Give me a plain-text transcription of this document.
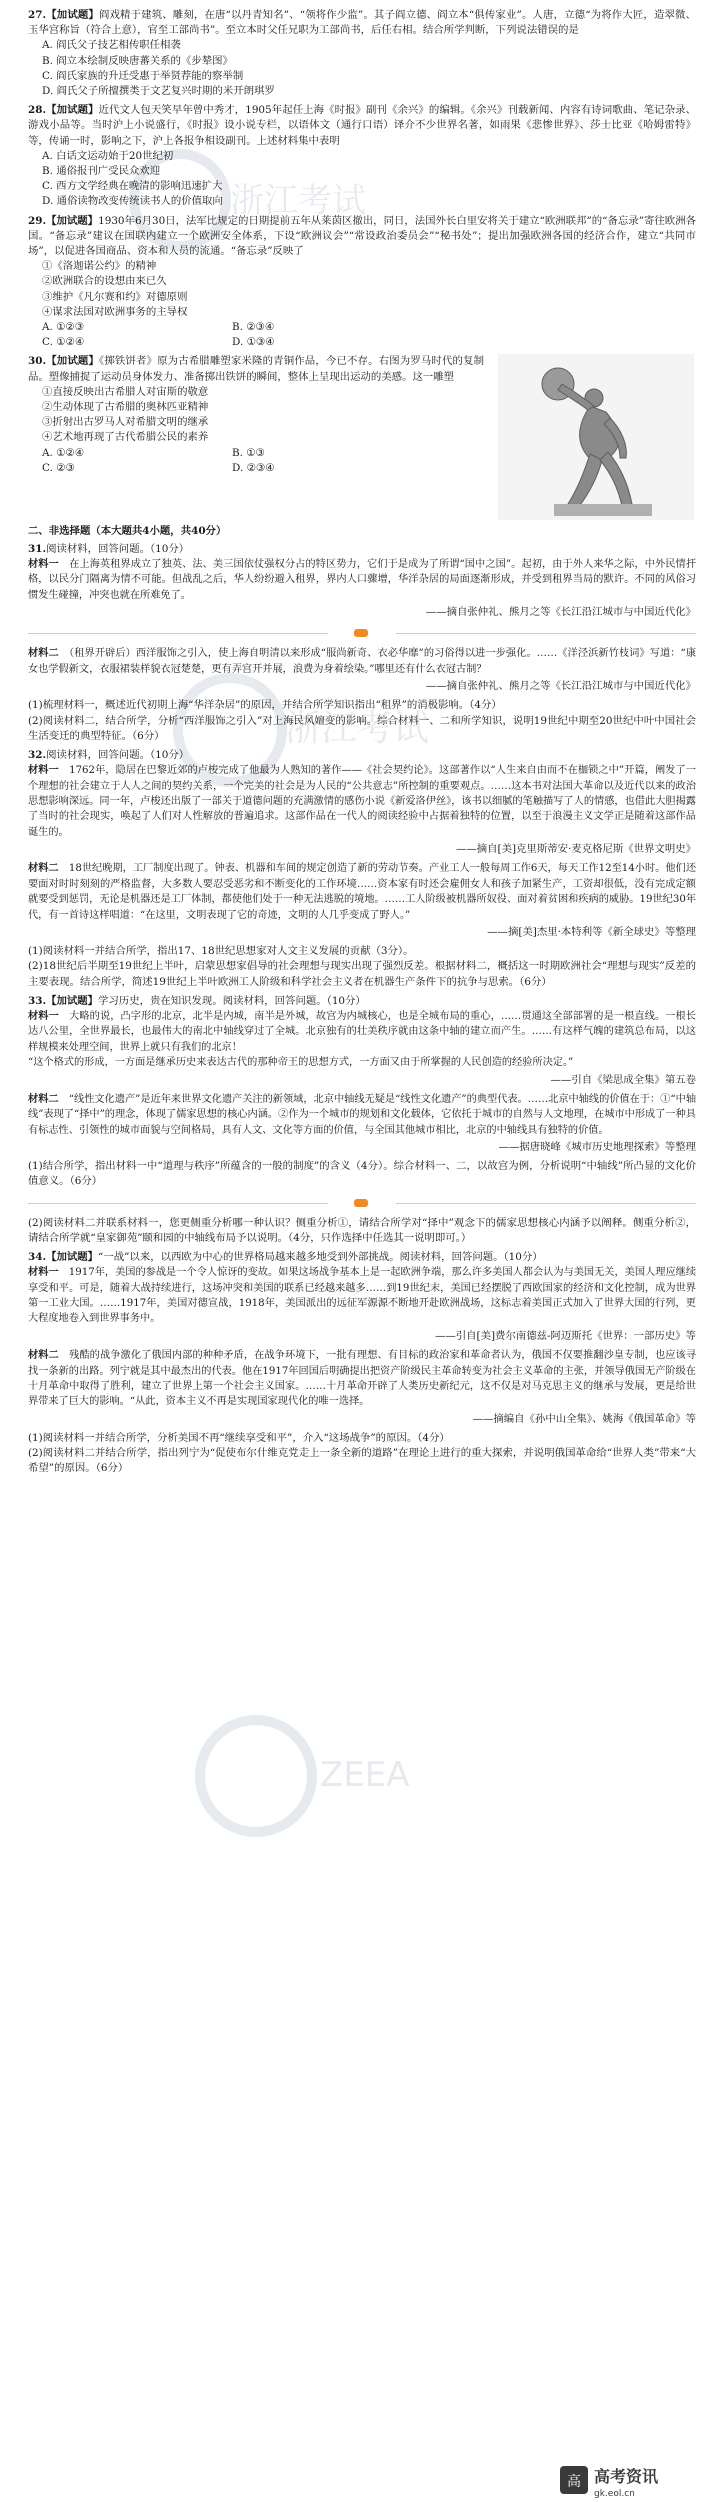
浙江考试
浙江考试
ZEEA

27.【加试题】阎戏精于建筑、雕刻，在唐“以丹青知名”、“领将作少监”。其子阎立德、阎立本“俱传家业”。人唐，立德“为将作大匠，造翠微、玉华宫称旨（符合上意），官至工部尚书”。至立本时父任兄职为工部尚书，后任右相。结合所学判断，下列说法错误的是

A. 阎氏父子技艺相传职任相袭
B. 阎立本绘制反映唐蕃关系的《步辇图》
C. 阎氏家族的升迁受惠于举贤荐能的察举制
D. 阎氏父子所擅撰类于文艺复兴时期的米开朗琪罗

28.【加试题】近代文人包天笑早年曾中秀才，1905年起任上海《时报》副刊《余兴》的编辑。《余兴》刊载新闻、内容有诗词歌曲、笔记杂录、游戏小品等。当时沪上小说盛行，《时报》设小说专栏，以语体文（通行口语）译介不少世界名著，如雨果《悲惨世界》、莎士比亚《哈姆雷特》等，传诵一时，影响之下，沪上各报争相设副刊。上述材料集中表明

A. 白话文运动始于20世纪初
B. 通俗报刊广受民众欢迎
C. 西方文学经典在晚清的影响迅速扩大
D. 通俗读物改变传统读书人的价值取向

29.【加试题】1930年6月30日，法军比规定的日期提前五年从莱茵区撤出，同日，法国外长白里安将关于建立“欧洲联邦”的“备忘录”寄往欧洲各国。“备忘录”建议在国联内建立一个欧洲安全体系，下设“欧洲议会”“常设政治委员会”“秘书处”；提出加强欧洲各国的经济合作，建立“共同市场”，以促进各国商品、资本和人员的流通。“备忘录”反映了

①《洛迦诺公约》的精神
②欧洲联合的设想由来已久
③维护《凡尔赛和约》对德原则
④谋求法国对欧洲事务的主导权
A. ①②③	B. ②③④
C. ①②④	D. ①③④

30.【加试题】《掷铁饼者》原为古希腊雕塑家米隆的青铜作品，今已不存。右图为罗马时代的复制品。塑像捕捉了运动员身体发力、准备掷出铁饼的瞬间，整体上呈现出运动的美感。这一雕塑

①直接反映出古希腊人对宙斯的敬意
②生动体现了古希腊的奥林匹亚精神
③折射出古罗马人对希腊文明的继承
④艺术地再现了古代希腊公民的素养
A. ①②④	B. ①③
C. ②③	D. ②③④
二、非选择题（本大题共4小题，共40分）

31.阅读材料，回答问题。（10分）

材料一　 在上海英租界成立了独英、法、美三国依仗强权分占的特区势力，它们于是成为了所谓“国中之国”。起初，由于外人来华之际，中外民情扞格，以民分门隔离为情不可能。但战乱之后，华人纷纷避入租界，界内人口骤增，华洋杂居的局面逐渐形成，并受到租界当局的默许。不同的风俗习惯发生碰撞，冲突也就在所难免了。

——摘自张仲礼、熊月之等《长江沿江城市与中国近代化》

材料二　 （租界开辟后）西洋服饰之引入，使上海自明清以来形成“服尚新奇、衣必华靡”的习俗得以进一步强化。……《洋泾浜新竹枝词》写道：“康女也学假新文，衣服裙装样貌衣冠楚楚，更有弄宫开并展，浪费为身着绘染。”哪里还有什么衣冠古制？

——摘自张仲礼、熊月之等《长江沿江城市与中国近代化》

(1)梳理材料一，概述近代初期上海“华洋杂居”的原因，并结合所学知识指出“租界”的消极影响。（4分）

(2)阅读材料二，结合所学，分析“西洋服饰之引入”对上海民风嬗变的影响。综合材料一、二和所学知识，说明19世纪中期至20世纪中叶中国社会生活变迁的典型特征。（6分）

32.阅读材料，回答问题。（10分）

材料一　 1762年，隐居在巴黎近郊的卢梭完成了他最为人熟知的著作——《社会契约论》。这部著作以“人生来自由而不在枷锁之中”开篇，阐发了一个理想的社会建立于人人之间的契约关系，一个完美的社会是为人民的“公共意志”所控制的重要观点。……这本书对法国大革命以及近代以来的政治思想影响深远。同一年，卢梭还出版了一部关于道德问题的充满激情的感伤小说《新爱洛伊丝》，该书以细腻的笔触描写了人的情感，也借此大胆揭露了当时的社会现实，唤起了人们对人性解放的普遍追求。这部作品在一代人的阅读经验中占据着独特的位置，以至于浪漫主义文学正是随着这部作品诞生的。

——摘自[美]克里斯蒂安·麦克格尼斯《世界文明史》

材料二　 18世纪晚期，工厂制度出现了。钟表、机器和车间的规定创造了新的劳动节奏。产业工人一般每周工作6天，每天工作12至14小时。他们还要面对时时刻刻的严格监督，大多数人要忍受恶劣和不断变化的工作环境……资本家有时还会雇佣女人和孩子加紧生产，工资却很低，没有完成定额就要受到惩罚，无论是机器还是工厂体制，都使他们处于一种无法逃脱的境地。……工人阶级被机器所奴役、面对着贫困和疾病的威胁。19世纪30年代，有一首诗这样唱道：“在这里，文明表现了它的奇迹，文明的人几乎变成了野人。”

——摘[美]杰里·本特利等《新全球史》等整理

(1)阅读材料一并结合所学，指出17、18世纪思想家对人文主义发展的贡献（3分）。

(2)18世纪后半期至19世纪上半叶，启蒙思想家倡导的社会理想与现实出现了强烈反差。根据材料二，概括这一时期欧洲社会“理想与现实”反差的主要表现。结合所学，简述19世纪上半叶欧洲工人阶级和科学社会主义者在机器生产条件下的抗争与思索。（6分）

33.【加试题】学习历史，贵在知识发现。阅读材料，回答问题。（10分）

材料一　 大略的说，凸字形的北京，北半是内城，南半是外城，故宫为内城核心，也是全城布局的重心，……贯通这全部部署的是一根直线。一根长达八公里，全世界最长，也最伟大的南北中轴线穿过了全城。北京独有的壮美秩序就由这条中轴的建立而产生。……有这样气魄的建筑总布局，以这样规模来处理空间，世界上就只有我们的北京！

“这个格式的形成，一方面是继承历史来表达古代的那种帝王的思想方式，一方面又由于所掌握的人民创造的经验所决定。”

——引自《梁思成全集》第五卷

材料二　 “线性文化遗产”是近年来世界文化遗产关注的新领域，北京中轴线无疑是“线性文化遗产”的典型代表。……北京中轴线的价值在于：①“中轴线”表现了“择中”的理念，体现了儒家思想的核心内涵。②作为一个城市的规划和文化载体，它依托于城市的自然与人文地理，在城市中形成了一种具有标志性、引领性的城市面貌与空间格局，具有人文、文化等方面的价值，与全国其他城市相比，北京的中轴线具有独特的价值。

——据唐晓峰《城市历史地理探索》等整理

(1)结合所学，指出材料一中“道理与秩序”所蕴含的一般的制度”的含义（4分）。综合材料一、二，以故宫为例，分析说明“中轴线”所凸显的文化价值意义。（6分）

(2)阅读材料二并联系材料一，您更侧重分析哪一种认识？侧重分析①，请结合所学对“择中”观念下的儒家思想核心内涵予以阐释。侧重分析②，请结合所学就“皇家御苑”颐和园的中轴线布局予以说明。（4分，只作选择中任选其一说明即可。）

34.【加试题】“一战”以来，以西欧为中心的世界格局越来越多地受到外部挑战。阅读材料，回答问题。（10分）

材料一　 1917年，美国的参战是一个令人惊讶的变故。如果这场战争基本上是一起欧洲争端，那么许多美国人都会认为与美国无关，美国人理应继续享受和平。可是，随着大战持续进行，这场冲突和美国的联系已经越来越多……到19世纪末，美国已经摆脱了西欧国家的经济和文化控制，成为世界第一工业大国。……1917年，美国对德宣战，1918年，美国派出的远征军源源不断地开赴欧洲战场，这标志着美国正式加入了世界大国的行列，更大程度地卷入到世界事务中。

——引自[美]费尔南德兹-阿迈斯托《世界：一部历史》等

材料二　 残酷的战争激化了俄国内部的种种矛盾，在战争环境下，一批有理想、有目标的政治家和革命者认为，俄国不仅要推翻沙皇专制，也应该寻找一条新的出路。列宁就是其中最杰出的代表。他在1917年回国后明确提出把资产阶级民主革命转变为社会主义革命的主张，并领导俄国无产阶级在十月革命中取得了胜利，建立了世界上第一个社会主义国家。……十月革命开辟了人类历史新纪元，这不仅是对马克思主义的继承与发展，更是给世界带来了巨大的影响。“从此，资本主义不再是实现国家现代化的唯一选择。

——摘编自《孙中山全集》、姚海《俄国革命》等

(1)阅读材料一并结合所学，分析美国不再“继续享受和平”，介入“这场战争”的原因。（4分）

(2)阅读材料二并结合所学，指出列宁为“促使布尔什维克党走上一条全新的道路”在理论上进行的重大探索，并说明俄国革命给“世界人类”带来“大希望”的原因。（6分）

高 高考资讯
gk.eol.cn
